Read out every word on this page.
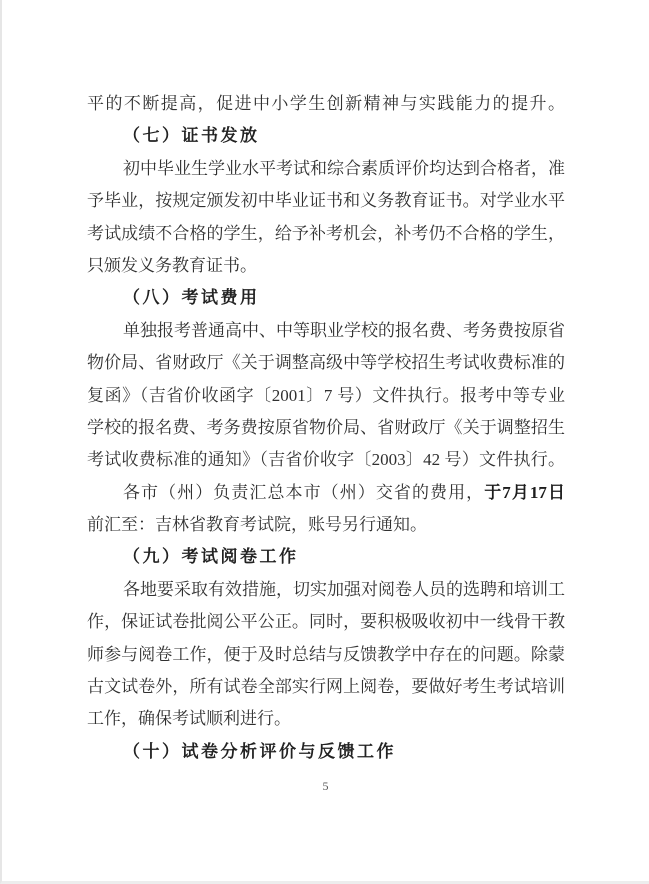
平的不断提高，促进中小学生创新精神与实践能力的提升。
（七）证书发放
初中毕业生学业水平考试和综合素质评价均达到合格者，准
予毕业，按规定颁发初中毕业证书和义务教育证书。对学业水平
考试成绩不合格的学生，给予补考机会，补考仍不合格的学生，
只颁发义务教育证书。
（八）考试费用
单独报考普通高中、中等职业学校的报名费、考务费按原省
物价局、省财政厅《关于调整高级中等学校招生考试收费标准的
复函》（吉省价收函字〔2001〕7 号）文件执行。报考中等专业
学校的报名费、考务费按原省物价局、省财政厅《关于调整招生
考试收费标准的通知》（吉省价收字〔2003〕42 号）文件执行。
各市（州）负责汇总本市（州）交省的费用，于7月17日
前汇至：吉林省教育考试院，账号另行通知。
（九）考试阅卷工作
各地要采取有效措施，切实加强对阅卷人员的选聘和培训工
作，保证试卷批阅公平公正。同时，要积极吸收初中一线骨干教
师参与阅卷工作，便于及时总结与反馈教学中存在的问题。除蒙
古文试卷外，所有试卷全部实行网上阅卷，要做好考生考试培训
工作，确保考试顺利进行。
（十）试卷分析评价与反馈工作
5
